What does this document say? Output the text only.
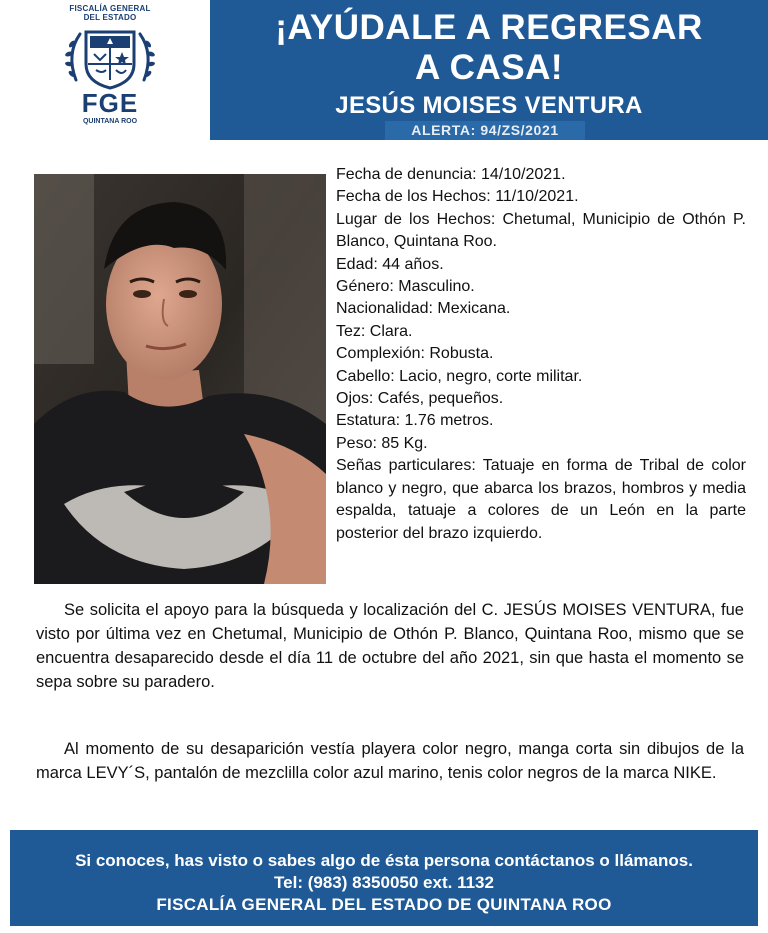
FISCALÍA GENERAL
DEL ESTADO
FGE
QUINTANA ROO
¡AYÚDALE A REGRESAR
A CASA!
JESÚS MOISES VENTURA
ALERTA: 94/ZS/2021
Fecha de denuncia: 14/10/2021.
Fecha de los Hechos: 11/10/2021.
Lugar de los Hechos: Chetumal, Municipio de Othón P. Blanco, Quintana Roo.
Edad: 44 años.
Género: Masculino.
Nacionalidad: Mexicana.
Tez: Clara.
Complexión: Robusta.
Cabello: Lacio, negro, corte militar.
Ojos: Cafés, pequeños.
Estatura: 1.76 metros.
Peso: 85 Kg.
Señas particulares: Tatuaje en forma de Tribal de color blanco y negro, que abarca los brazos, hombros y media espalda, tatuaje a colores de un León en la parte posterior del brazo izquierdo.
Se solicita el apoyo para la búsqueda y localización del C. JESÚS MOISES VENTURA, fue visto por última vez en Chetumal, Municipio de Othón P. Blanco, Quintana Roo, mismo que se encuentra desaparecido desde el día 11 de octubre del año 2021, sin que hasta el momento se sepa sobre su paradero.
Al momento de su desaparición vestía playera color negro, manga corta sin dibujos de la marca LEVY´S, pantalón de mezclilla color azul marino, tenis color negros de la marca NIKE.
Si conoces, has visto o sabes algo de ésta persona contáctanos o llámanos.
Tel: (983) 8350050 ext. 1132
FISCALÍA GENERAL DEL ESTADO DE QUINTANA ROO
